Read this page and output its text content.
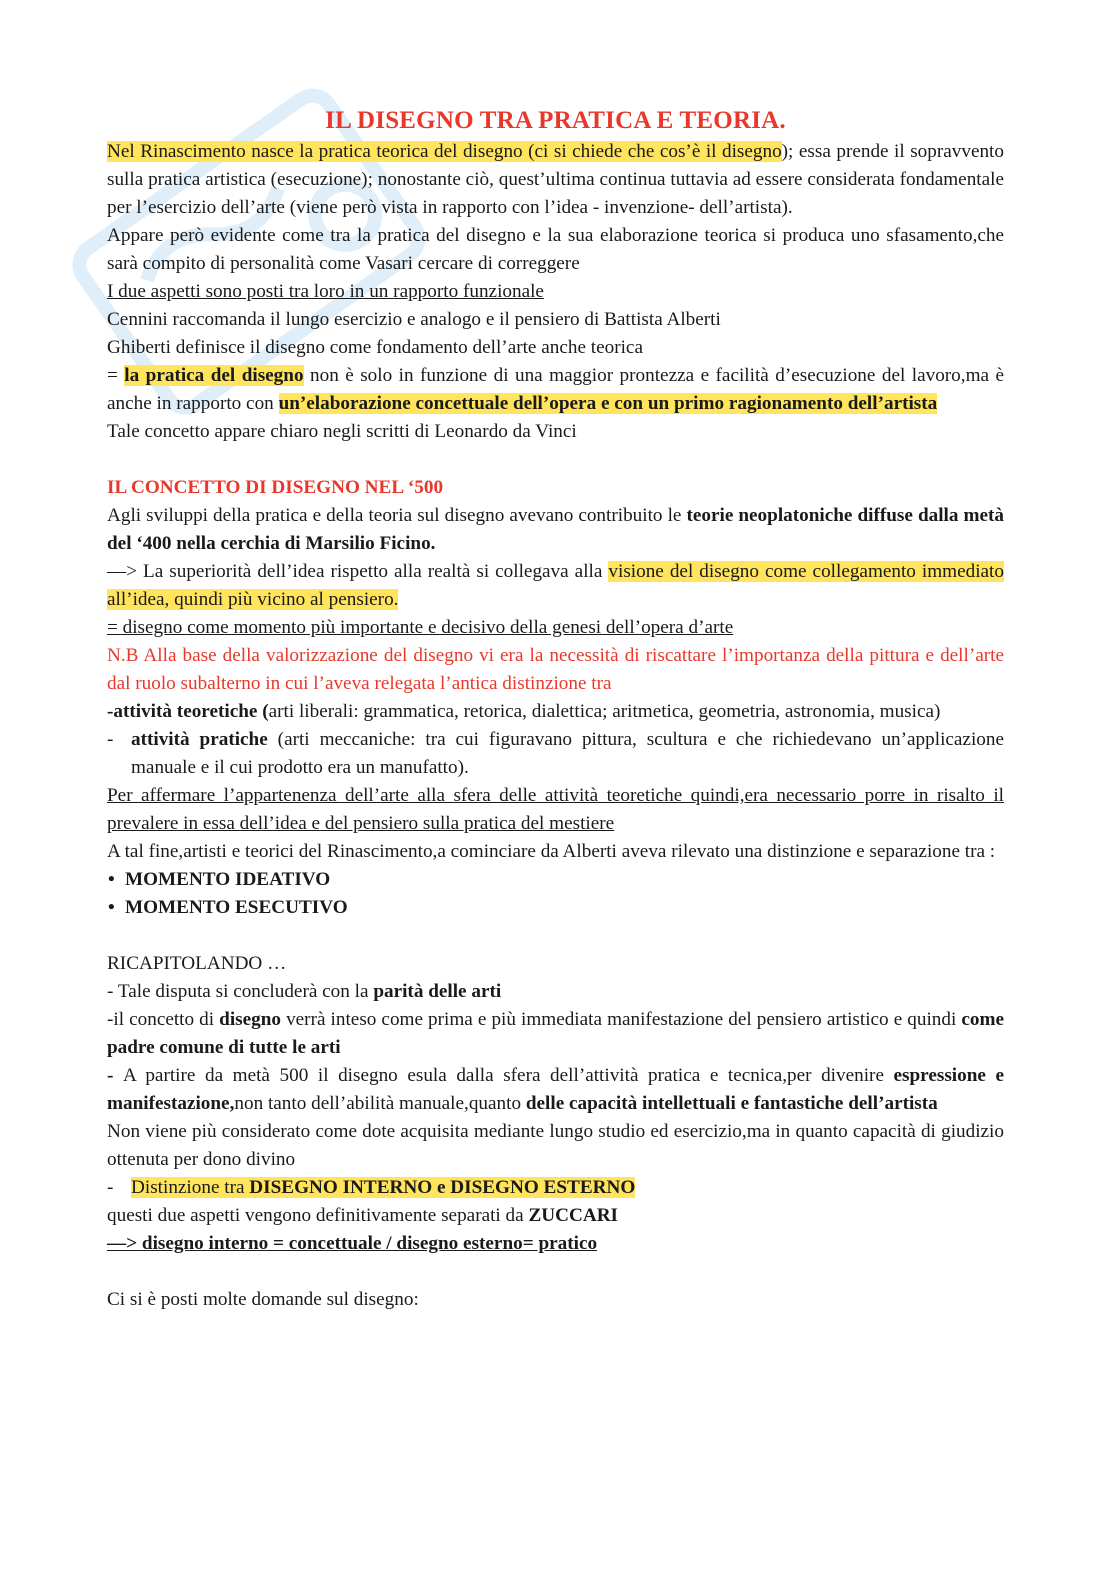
IL DISEGNO TRA PRATICA E TEORIA.

Nel Rinascimento nasce la pratica teorica del disegno (ci si chiede che cos’è il disegno); essa prende il sopravvento sulla pratica artistica (esecuzione); nonostante ciò, quest’ultima continua tuttavia ad essere considerata fondamentale per l’esercizio dell’arte (viene però vista in rapporto con l’idea - invenzione- dell’artista).

Appare però evidente come tra la pratica del disegno e la sua elaborazione teorica si produca uno sfasamento,che sarà compito di personalità come Vasari cercare di correggere

I due aspetti sono posti tra loro in un rapporto funzionale

Cennini raccomanda il lungo esercizio e analogo e il pensiero di Battista Alberti

Ghiberti definisce il disegno come fondamento dell’arte anche teorica

= la pratica del disegno non è solo in funzione di una maggior prontezza e facilità d’esecuzione del lavoro,ma è anche in rapporto con un’elaborazione concettuale dell’opera e con un primo ragionamento dell’artista

Tale concetto appare chiaro negli scritti di Leonardo da Vinci

IL CONCETTO DI DISEGNO NEL ‘500

Agli sviluppi della pratica e della teoria sul disegno avevano contribuito le teorie neoplatoniche diffuse dalla metà del ‘400 nella cerchia di Marsilio Ficino.

—> La superiorità dell’idea rispetto alla realtà si collegava alla visione del disegno come collegamento immediato all’idea, quindi più vicino al pensiero.

= disegno come momento più importante e decisivo della genesi dell’opera d’arte

N.B Alla base della valorizzazione del disegno vi era la necessità di riscattare l’importanza della pittura e dell’arte dal ruolo subalterno in cui l’aveva relegata l’antica distinzione tra

-attività teoretiche (arti liberali: grammatica, retorica, dialettica; aritmetica, geometria, astronomia, musica)

- attività pratiche (arti meccaniche: tra cui figuravano pittura, scultura e che richiedevano un’applicazione manuale e il cui prodotto era un manufatto).

Per affermare l’appartenenza dell’arte alla sfera delle attività teoretiche quindi,era necessario porre in risalto il prevalere in essa dell’idea e del pensiero sulla pratica del mestiere

A tal fine,artisti e teorici del Rinascimento,a cominciare da Alberti aveva rilevato una distinzione e separazione tra :

• MOMENTO IDEATIVO
• MOMENTO ESECUTIVO

RICAPITOLANDO …

- Tale disputa si concluderà con la parità delle arti

-il concetto di disegno verrà inteso come prima e più immediata manifestazione del pensiero artistico e quindi come padre comune di tutte le arti

- A partire da metà 500 il disegno esula dalla sfera dell’attività pratica e tecnica,per divenire espressione e manifestazione,non tanto dell’abilità manuale,quanto delle capacità intellettuali e fantastiche dell’artista

Non viene più considerato come dote acquisita mediante lungo studio ed esercizio,ma in quanto capacità di giudizio ottenuta per dono divino

- Distinzione tra DISEGNO INTERNO e DISEGNO ESTERNO

questi due aspetti vengono definitivamente separati da ZUCCARI

—> disegno interno = concettuale / disegno esterno= pratico

Ci si è posti molte domande sul disegno:
